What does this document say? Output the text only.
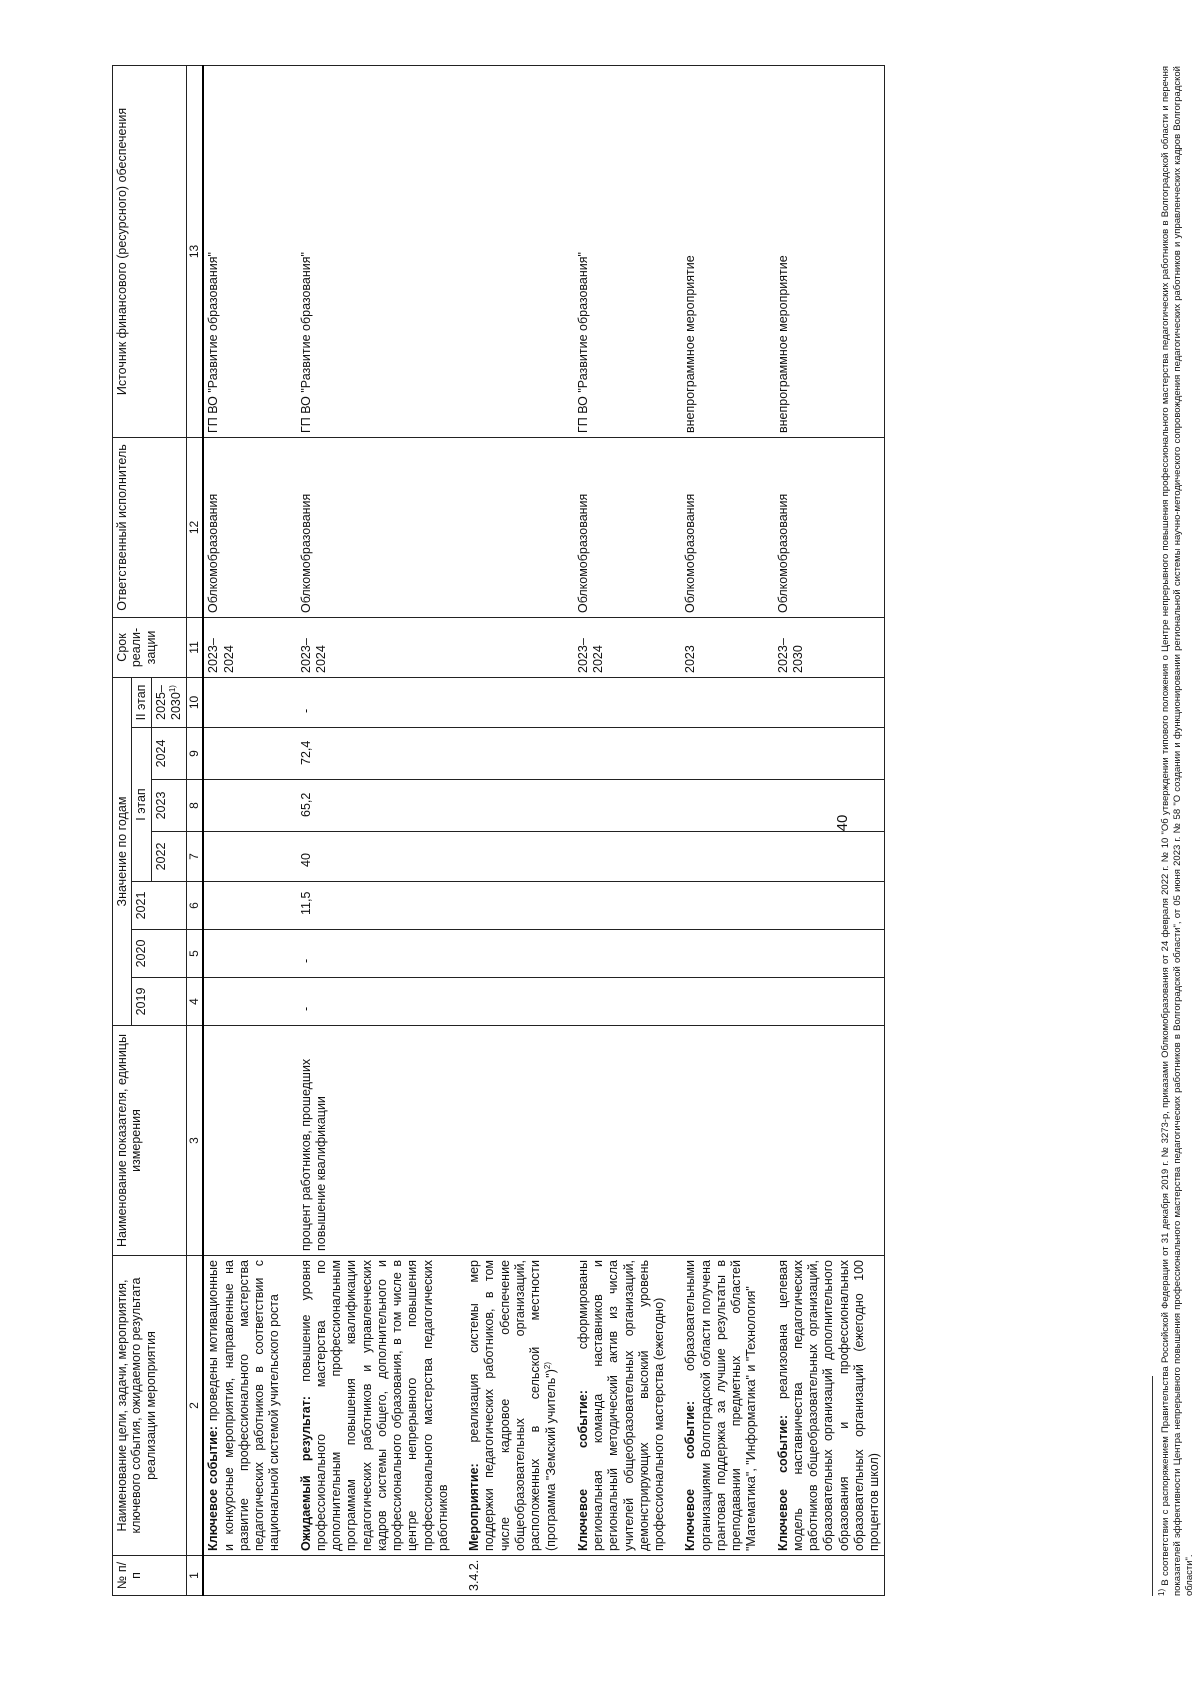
40
№ п/п	Наименование цели, задачи, мероприятия, ключевого события, ожидаемого результата реализации мероприятия	Наименование показателя, единицы измерения	Значение по годам							Срок реали-зации	Ответственный исполнитель	Источник финансового (ресурсного) обеспечения
			2019	2020	2021	I этап			II этап			
						2022	2023	2024	2025–2030$^{1)}$
1	2	3	4	5	6	7	8	9	10	11	12	13
	Ключевое событие: проведены мотивационные и конкурсные мероприятия, направленные на развитие профессионального мастерства педагогических работников в соответствии с национальной системой учительского роста									2023–2024	Облкомобразования	ГП ВО "Развитие образования"
	Ожидаемый результат: повышение уровня профессионального мастерства по дополнительным профессиональным программам повышения квалификации педагогических работников и управленческих кадров системы общего, дополнительного и профессионального образования, в том числе в центре непрерывного повышения профессионального мастерства педагогических работников	процент работников, прошедших повышение квалификации	-	-	11,5	40	65,2	72,4	-	2023–2024	Облкомобразования	ГП ВО "Развитие образования"
3.4.2.	Мероприятие: реализация системы мер поддержки педагогических работников, в том числе кадровое обеспечение общеобразовательных организаций, расположенных в сельской местности (программа "Земский учитель")$^{2)}$											
	Ключевое событие: сформированы региональная команда наставников и региональный методический актив из числа учителей общеобразовательных организаций, демонстрирующих высокий уровень профессионального мастерства (ежегодно)									2023–2024	Облкомобразования	ГП ВО "Развитие образования"
	Ключевое событие: образовательными организациями Волгоградской области получена грантовая поддержка за лучшие результаты в преподавании предметных областей "Математика", "Информатика" и "Технология"									2023	Облкомобразования	внепрограммное мероприятие
	Ключевое событие: реализована целевая модель наставничества педагогических работников общеобразовательных организаций, образовательных организаций дополнительного образования и профессиональных образовательных организаций (ежегодно 100 процентов школ)									2023–2030	Облкомобразования	внепрограммное мероприятие
$^{1)}$ В соответствии с распоряжением Правительства Российской Федерации от 31 декабря 2019 г. № 3273-р, приказами Облкомобразования от 24 февраля 2022 г. № 10 "Об утверждении типового положения о Центре непрерывного повышения профессионального мастерства педагогических работников в Волгоградской области и перечня показателей эффективности Центра непрерывного повышения профессионального мастерства педагогических работников в Волгоградской области", от 05 июня 2023 г. № 58 "О создании и функционировании региональной системы научно-методического сопровождения педагогических работников и управленческих кадров Волгоградской области".
